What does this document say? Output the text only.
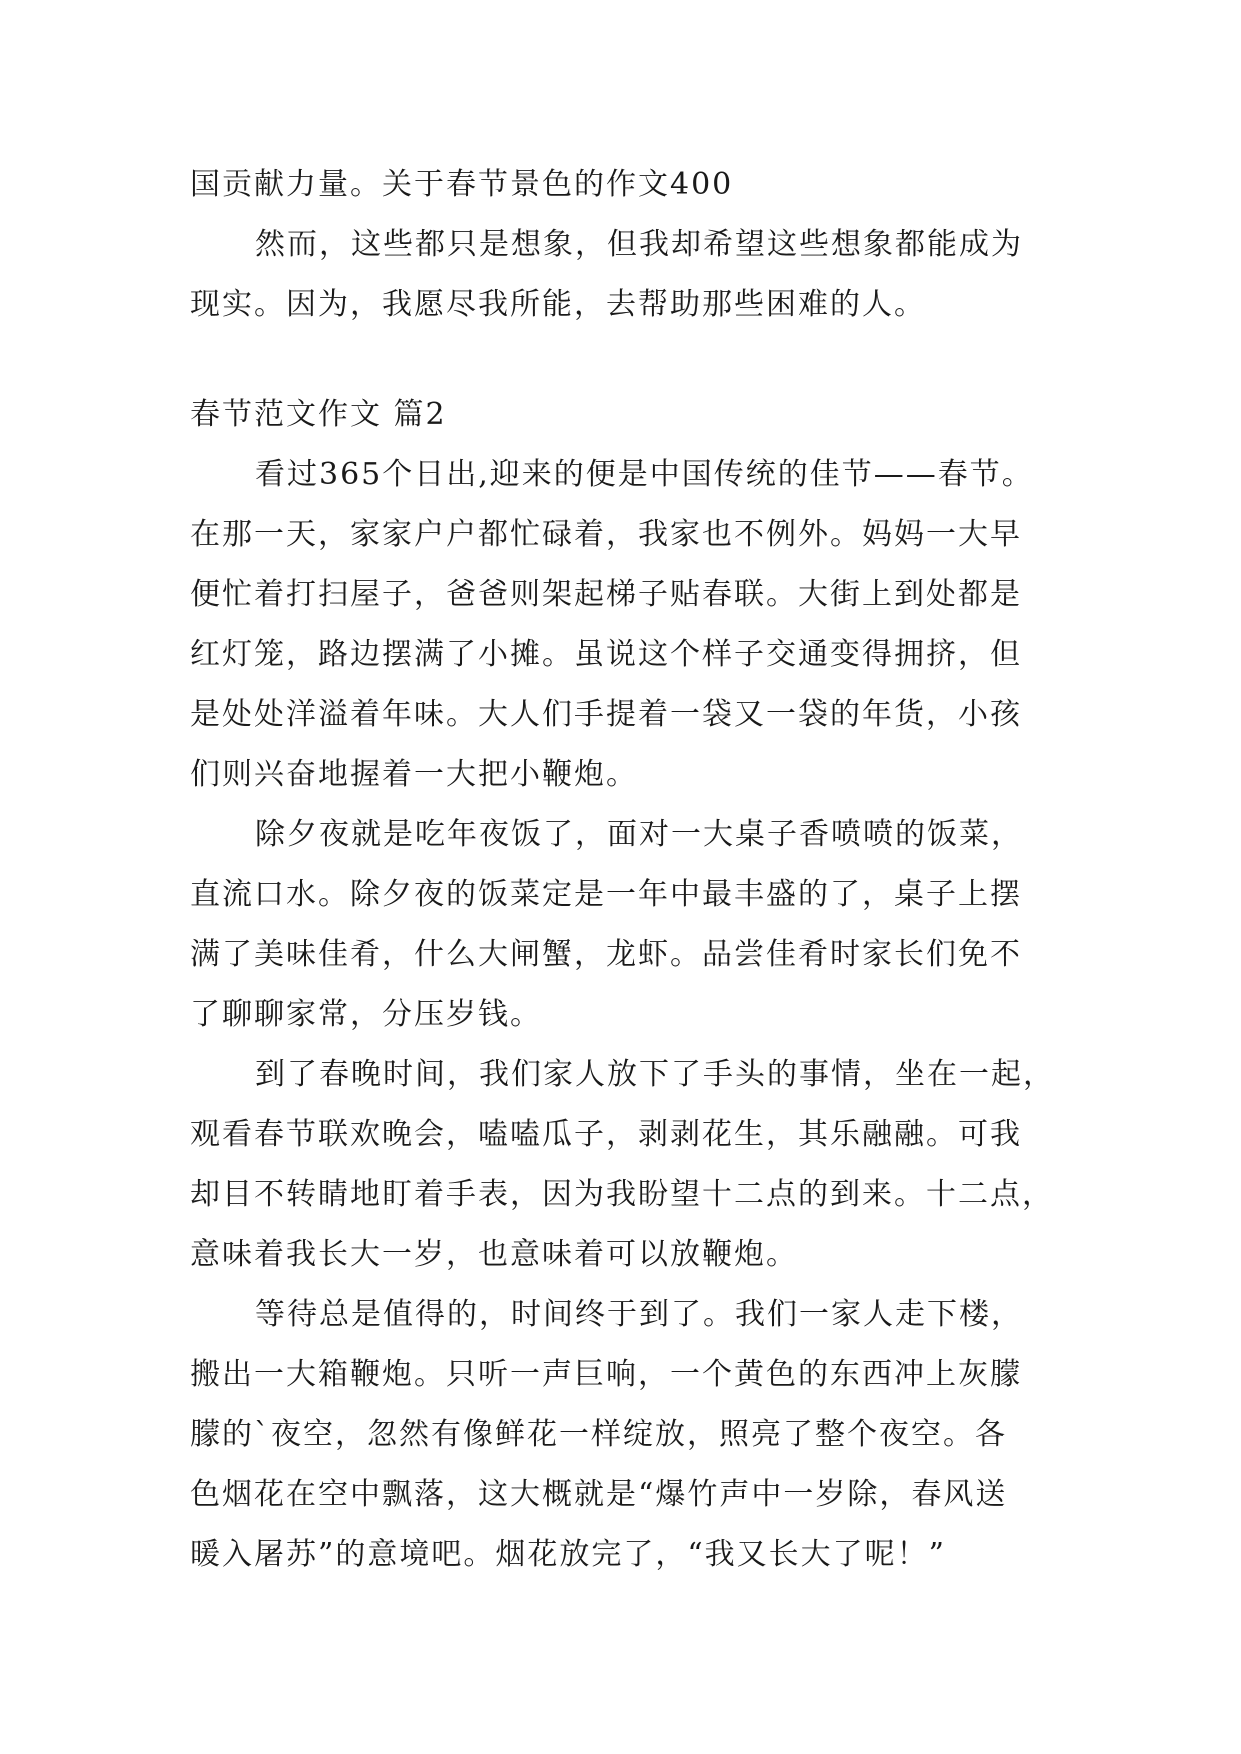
国贡献力量。关于春节景色的作文400
然而，这些都只是想象，但我却希望这些想象都能成为
现实。因为，我愿尽我所能，去帮助那些困难的人。
春节范文作文 篇2
看过365个日出,迎来的便是中国传统的佳节——春节。
在那一天，家家户户都忙碌着，我家也不例外。妈妈一大早
便忙着打扫屋子，爸爸则架起梯子贴春联。大街上到处都是
红灯笼，路边摆满了小摊。虽说这个样子交通变得拥挤，但
是处处洋溢着年味。大人们手提着一袋又一袋的年货，小孩
们则兴奋地握着一大把小鞭炮。
除夕夜就是吃年夜饭了，面对一大桌子香喷喷的饭菜，
直流口水。除夕夜的饭菜定是一年中最丰盛的了，桌子上摆
满了美味佳肴，什么大闸蟹，龙虾。品尝佳肴时家长们免不
了聊聊家常，分压岁钱。
到了春晚时间，我们家人放下了手头的事情，坐在一起，
观看春节联欢晚会，嗑嗑瓜子，剥剥花生，其乐融融。可我
却目不转睛地盯着手表，因为我盼望十二点的到来。十二点，
意味着我长大一岁，也意味着可以放鞭炮。
等待总是值得的，时间终于到了。我们一家人走下楼，
搬出一大箱鞭炮。只听一声巨响，一个黄色的东西冲上灰朦
朦的`夜空，忽然有像鲜花一样绽放，照亮了整个夜空。各
色烟花在空中飘落，这大概就是“爆竹声中一岁除，春风送
暖入屠苏”的意境吧。烟花放完了，“我又长大了呢！”
